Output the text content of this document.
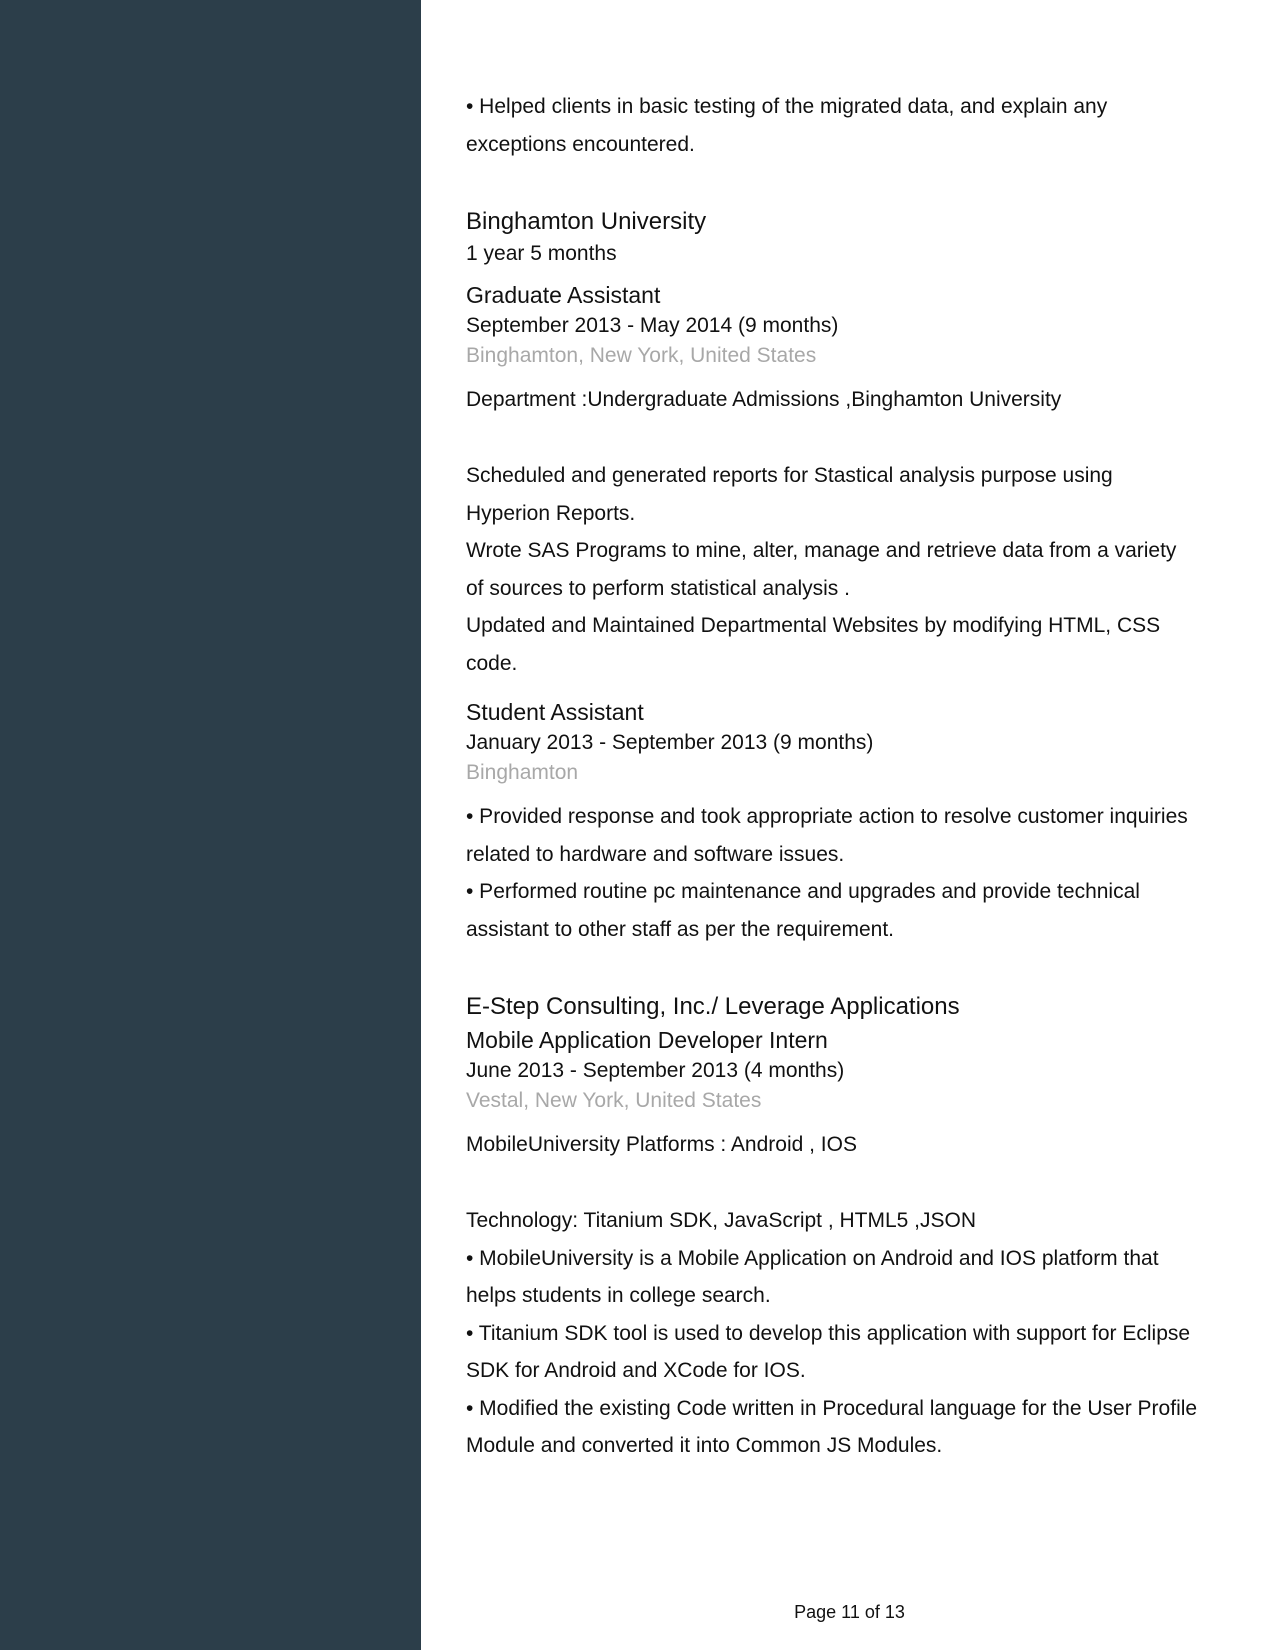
• Helped clients in basic testing of the migrated data, and explain any

exceptions encountered.

Binghamton University

1 year 5 months

Graduate Assistant

September 2013 - May 2014 (9 months)

Binghamton, New York, United States

Department :Undergraduate Admissions ,Binghamton University

Scheduled and generated reports for Stastical analysis purpose using

Hyperion Reports.

Wrote SAS Programs to mine, alter, manage and retrieve data from a variety

of sources to perform statistical analysis .

Updated and Maintained Departmental Websites by modifying HTML, CSS

code.

Student Assistant

January 2013 - September 2013 (9 months)

Binghamton

• Provided response and took appropriate action to resolve customer inquiries

related to hardware and software issues.

• Performed routine pc maintenance and upgrades and provide technical

assistant to other staff as per the requirement.

E-Step Consulting, Inc./ Leverage Applications

Mobile Application Developer Intern

June 2013 - September 2013 (4 months)

Vestal, New York, United States

MobileUniversity Platforms : Android , IOS

Technology: Titanium SDK, JavaScript , HTML5 ,JSON

• MobileUniversity is a Mobile Application on Android and IOS platform that

helps students in college search.

• Titanium SDK tool is used to develop this application with support for Eclipse

SDK for Android and XCode for IOS.

• Modified the existing Code written in Procedural language for the User Profile

Module and converted it into Common JS Modules.

Page 11 of 13
